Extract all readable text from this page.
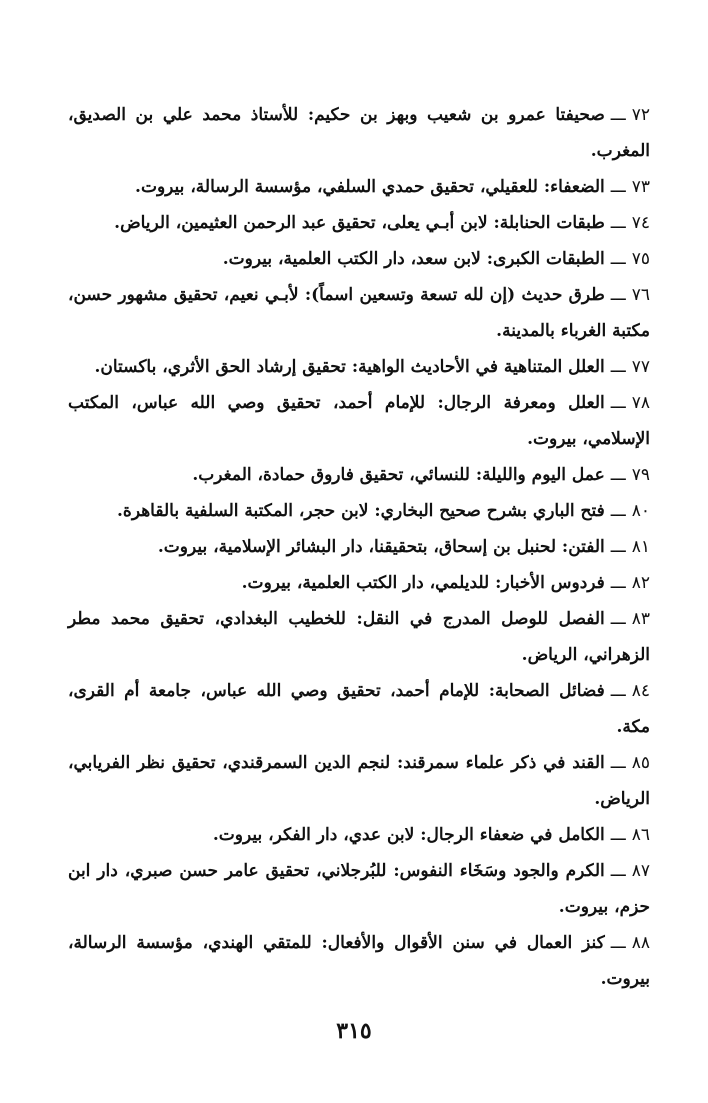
٧٢ـــصحيفتا عمرو بن شعيب وبهز بن حكيم: للأستاذ محمد علي بن الصديق، المغرب.

٧٣ـــالضعفاء: للعقيلي، تحقيق حمدي السلفي، مؤسسة الرسالة، بيروت.

٧٤ـــطبقات الحنابلة: لابن أبـي يعلى، تحقيق عبد الرحمن العثيمين، الرياض.

٧٥ـــالطبقات الكبرى: لابن سعد، دار الكتب العلمية، بيروت.

٧٦ـــطرق حديث (إن لله تسعة وتسعين اسماً): لأبـي نعيم، تحقيق مشهور حسن، مكتبة الغرباء بالمدينة.

٧٧ـــالعلل المتناهية في الأحاديث الواهية: تحقيق إرشاد الحق الأثري، باكستان.

٧٨ـــالعلل ومعرفة الرجال: للإمام أحمد، تحقيق وصي الله عباس، المكتب الإسلامي، بيروت.

٧٩ـــعمل اليوم والليلة: للنسائي، تحقيق فاروق حمادة، المغرب.

٨٠ـــفتح الباري بشرح صحيح البخاري: لابن حجر، المكتبة السلفية بالقاهرة.

٨١ـــالفتن: لحنبل بن إسحاق، بتحقيقنا، دار البشائر الإسلامية، بيروت.

٨٢ـــفردوس الأخبار: للديلمي، دار الكتب العلمية، بيروت.

٨٣ـــالفصل للوصل المدرج في النقل: للخطيب البغدادي، تحقيق محمد مطر الزهراني، الرياض.

٨٤ـــفضائل الصحابة: للإمام أحمد، تحقيق وصي الله عباس، جامعة أم القرى، مكة.

٨٥ـــالقند في ذكر علماء سمرقند: لنجم الدين السمرقندي، تحقيق نظر الفريابي، الرياض.

٨٦ـــالكامل في ضعفاء الرجال: لابن عدي، دار الفكر، بيروت.

٨٧ـــالكرم والجود وسَخَاء النفوس: للبُرجلاني، تحقيق عامر حسن صبري، دار ابن حزم، بيروت.

٨٨ـــكنز العمال في سنن الأقوال والأفعال: للمتقي الهندي، مؤسسة الرسالة، بيروت.

٣١٥
